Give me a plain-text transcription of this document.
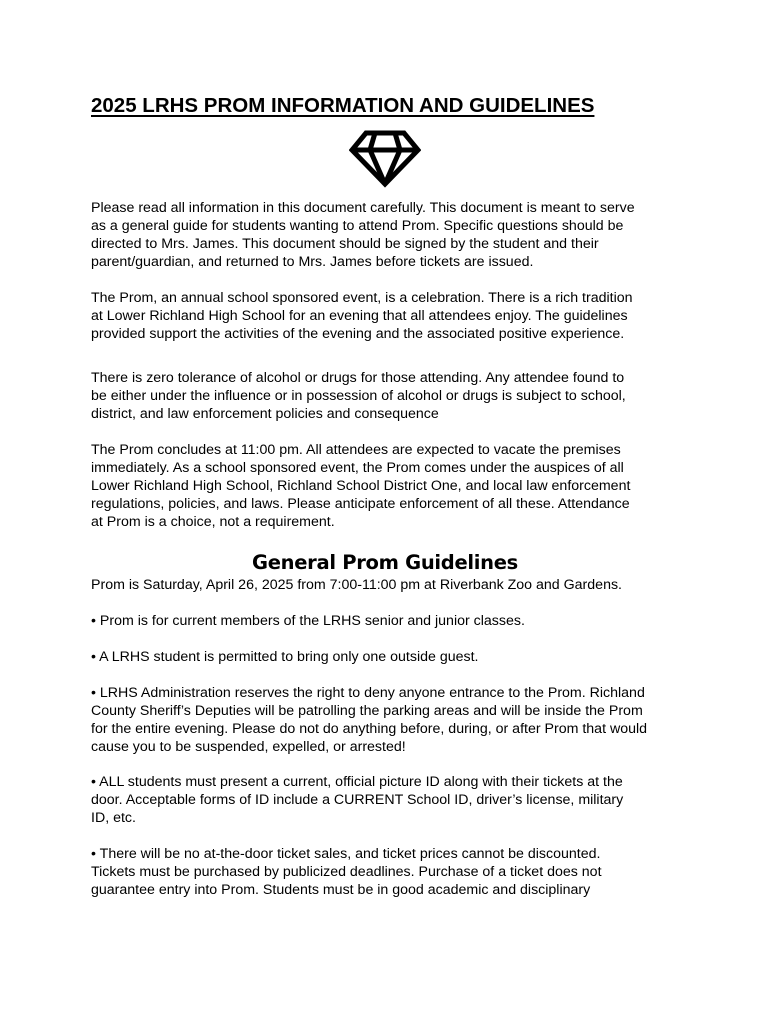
2025 LRHS PROM INFORMATION AND GUIDELINES
Please read all information in this document carefully. This document is meant to serve
as a general guide for students wanting to attend Prom. Specific questions should be
directed to Mrs. James. This document should be signed by the student and their
parent/guardian, and returned to Mrs. James before tickets are issued.
The Prom, an annual school sponsored event, is a celebration. There is a rich tradition
at Lower Richland High School for an evening that all attendees enjoy. The guidelines
provided support the activities of the evening and the associated positive experience.
There is zero tolerance of alcohol or drugs for those attending. Any attendee found to
be either under the influence or in possession of alcohol or drugs is subject to school,
district, and law enforcement policies and consequence
The Prom concludes at 11:00 pm. All attendees are expected to vacate the premises
immediately. As a school sponsored event, the Prom comes under the auspices of all
Lower Richland High School, Richland School District One, and local law enforcement
regulations, policies, and laws. Please anticipate enforcement of all these. Attendance
at Prom is a choice, not a requirement.
General Prom Guidelines
Prom is Saturday, April 26, 2025 from 7:00-11:00 pm at Riverbank Zoo and Gardens.
• Prom is for current members of the LRHS senior and junior classes.
• A LRHS student is permitted to bring only one outside guest.
• LRHS Administration reserves the right to deny anyone entrance to the Prom. Richland
County Sheriff’s Deputies will be patrolling the parking areas and will be inside the Prom
for the entire evening. Please do not do anything before, during, or after Prom that would
cause you to be suspended, expelled, or arrested!
• ALL students must present a current, official picture ID along with their tickets at the
door. Acceptable forms of ID include a CURRENT School ID, driver’s license, military
ID, etc.
• There will be no at-the-door ticket sales, and ticket prices cannot be discounted.
Tickets must be purchased by publicized deadlines. Purchase of a ticket does not
guarantee entry into Prom. Students must be in good academic and disciplinary
